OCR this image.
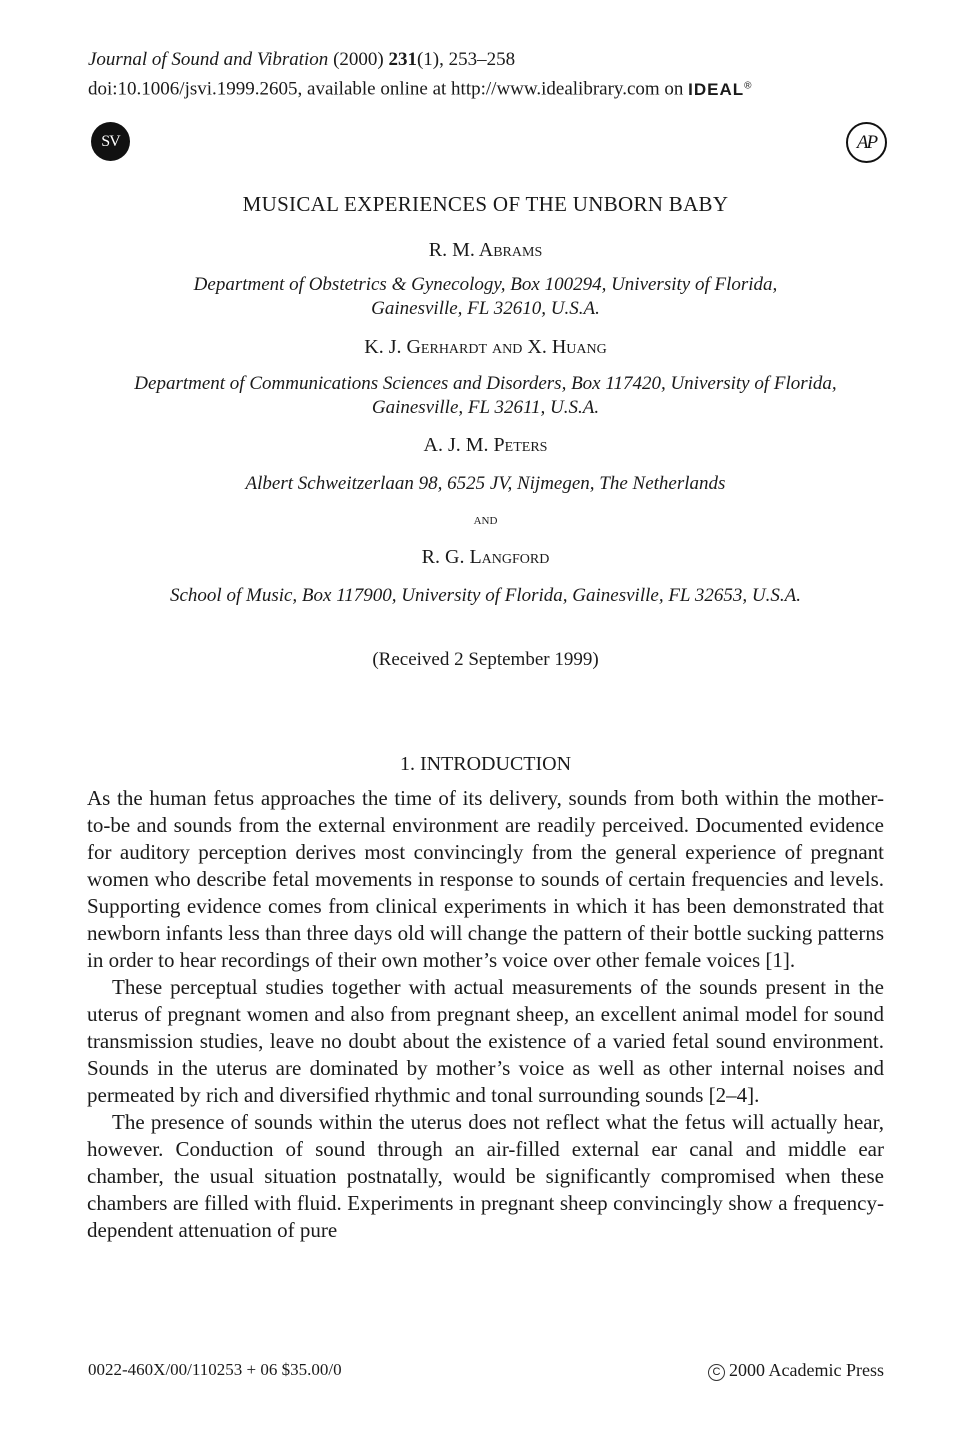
Journal of Sound and Vibration (2000) 231(1), 253–258
doi:10.1006/jsvi.1999.2605, available online at http://www.idealibrary.com on IDEAL®
SV	AP
MUSICAL EXPERIENCES OF THE UNBORN BABY
R. M. Abrams
Department of Obstetrics & Gynecology, Box 100294, University of Florida,
Gainesville, FL 32610, U.S.A.
K. J. Gerhardt and X. Huang
Department of Communications Sciences and Disorders, Box 117420, University of Florida,
Gainesville, FL 32611, U.S.A.
A. J. M. Peters
Albert Schweitzerlaan 98, 6525 JV, Nijmegen, The Netherlands
and
R. G. Langford
School of Music, Box 117900, University of Florida, Gainesville, FL 32653, U.S.A.
(Received 2 September 1999)
1. INTRODUCTION

As the human fetus approaches the time of its delivery, sounds from both within the mother-to-be and sounds from the external environment are readily perceived. Documented evidence for auditory perception derives most convincingly from the general experience of pregnant women who describe fetal movements in response to sounds of certain frequencies and levels. Supporting evidence comes from clinical experiments in which it has been demonstrated that newborn infants less than three days old will change the pattern of their bottle sucking patterns in order to hear recordings of their own mother’s voice over other female voices [1].

These perceptual studies together with actual measurements of the sounds present in the uterus of pregnant women and also from pregnant sheep, an excellent animal model for sound transmission studies, leave no doubt about the existence of a varied fetal sound environment. Sounds in the uterus are dominated by mother’s voice as well as other internal noises and permeated by rich and diversified rhythmic and tonal surrounding sounds [2–4].

The presence of sounds within the uterus does not reflect what the fetus will actually hear, however. Conduction of sound through an air-filled external ear canal and middle ear chamber, the usual situation postnatally, would be significantly compromised when these chambers are filled with fluid. Experiments in pregnant sheep convincingly show a frequency-dependent attenuation of pure

0022-460X/00/110253 + 06 $35.00/0	C 2000 Academic Press
